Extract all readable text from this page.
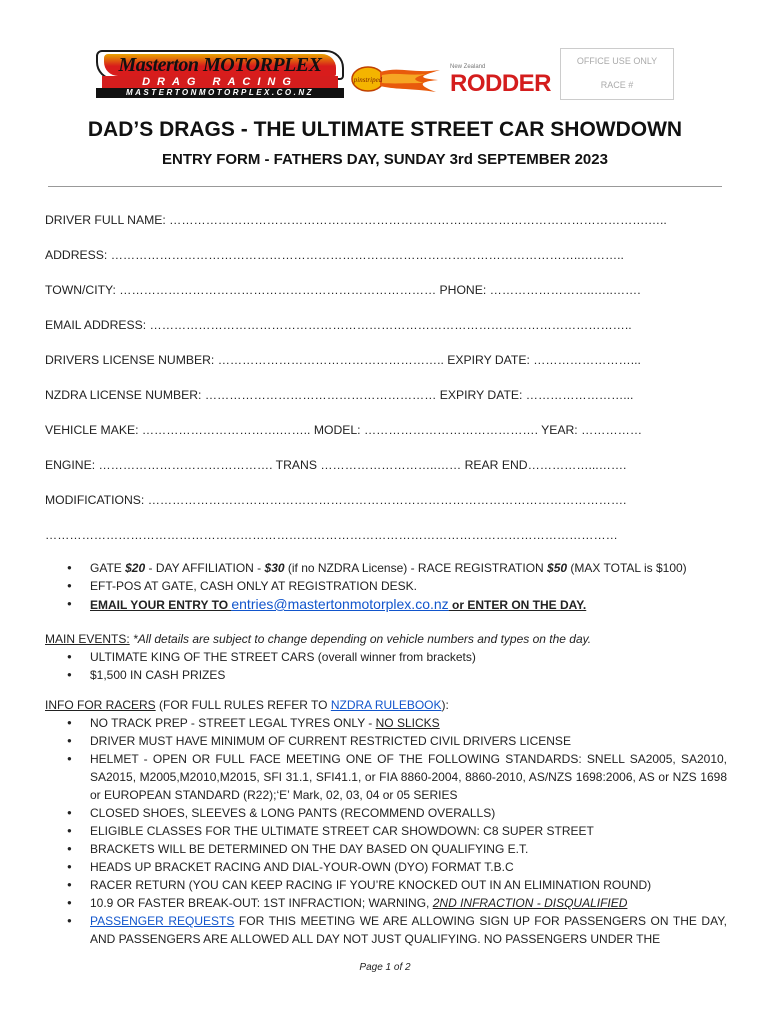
Masterton MOTORPLEX
DRAG RACING
MASTERTONMOTORPLEX.CO.NZ
pinstriped
New Zealand
RODDER
OFFICE USE ONLY
RACE #
DAD’S DRAGS - THE ULTIMATE STREET CAR SHOWDOWN
ENTRY FORM - FATHERS DAY, SUNDAY 3rd SEPTEMBER 2023
DRIVER FULL NAME: ……………………………………………………………………………………………………….…..
ADDRESS: ……………………………………………………………………………………………………..………..
TOWN/CITY: …………………………………………………………………… PHONE: ……………………..…..…….
EMAIL ADDRESS: ………………………………………………………………………………………………………..
DRIVERS LICENSE NUMBER: ……………………………………………….. EXPIRY DATE: ……………………...
NZDRA LICENSE NUMBER: ………………………………………………… EXPIRY DATE: ……………………...
VEHICLE MAKE: …………………………….…….. MODEL: ……………………………………. YEAR: ……………
ENGINE: ……………………………………. TRANS ………………………..…… REAR END……………...…….
MODIFICATIONS: ……………………………………………………………………………………………………….
……………………………………………………………………………………………………………………………
● GATE $20 - DAY AFFILIATION - $30 (if no NZDRA License) - RACE REGISTRATION $50 (MAX TOTAL is $100)
● EFT-POS AT GATE, CASH ONLY AT REGISTRATION DESK.
● EMAIL YOUR ENTRY TO entries@mastertonmotorplex.co.nz or ENTER ON THE DAY.
MAIN EVENTS: *All details are subject to change depending on vehicle numbers and types on the day.
● ULTIMATE KING OF THE STREET CARS (overall winner from brackets)
● $1,500 IN CASH PRIZES
INFO FOR RACERS (FOR FULL RULES REFER TO NZDRA RULEBOOK):
● NO TRACK PREP - STREET LEGAL TYRES ONLY - NO SLICKS
● DRIVER MUST HAVE MINIMUM OF CURRENT RESTRICTED CIVIL DRIVERS LICENSE
● HELMET - OPEN OR FULL FACE MEETING ONE OF THE FOLLOWING STANDARDS: SNELL SA2005, SA2010, SA2015, M2005,M2010,M2015, SFI 31.1, SFI41.1, or FIA 8860-2004, 8860-2010, AS/NZS 1698:2006, AS or NZS 1698 or EUROPEAN STANDARD (R22);‘E’ Mark, 02, 03, 04 or 05 SERIES
● CLOSED SHOES, SLEEVES & LONG PANTS (RECOMMEND OVERALLS)
● ELIGIBLE CLASSES FOR THE ULTIMATE STREET CAR SHOWDOWN: C8 SUPER STREET
● BRACKETS WILL BE DETERMINED ON THE DAY BASED ON QUALIFYING E.T.
● HEADS UP BRACKET RACING AND DIAL-YOUR-OWN (DYO) FORMAT T.B.C
● RACER RETURN (YOU CAN KEEP RACING IF YOU’RE KNOCKED OUT IN AN ELIMINATION ROUND)
● 10.9 OR FASTER BREAK-OUT: 1ST INFRACTION; WARNING, 2ND INFRACTION - DISQUALIFIED
● PASSENGER REQUESTS FOR THIS MEETING WE ARE ALLOWING SIGN UP FOR PASSENGERS ON THE DAY, AND PASSENGERS ARE ALLOWED ALL DAY NOT JUST QUALIFYING. NO PASSENGERS UNDER THE
Page 1 of 2
